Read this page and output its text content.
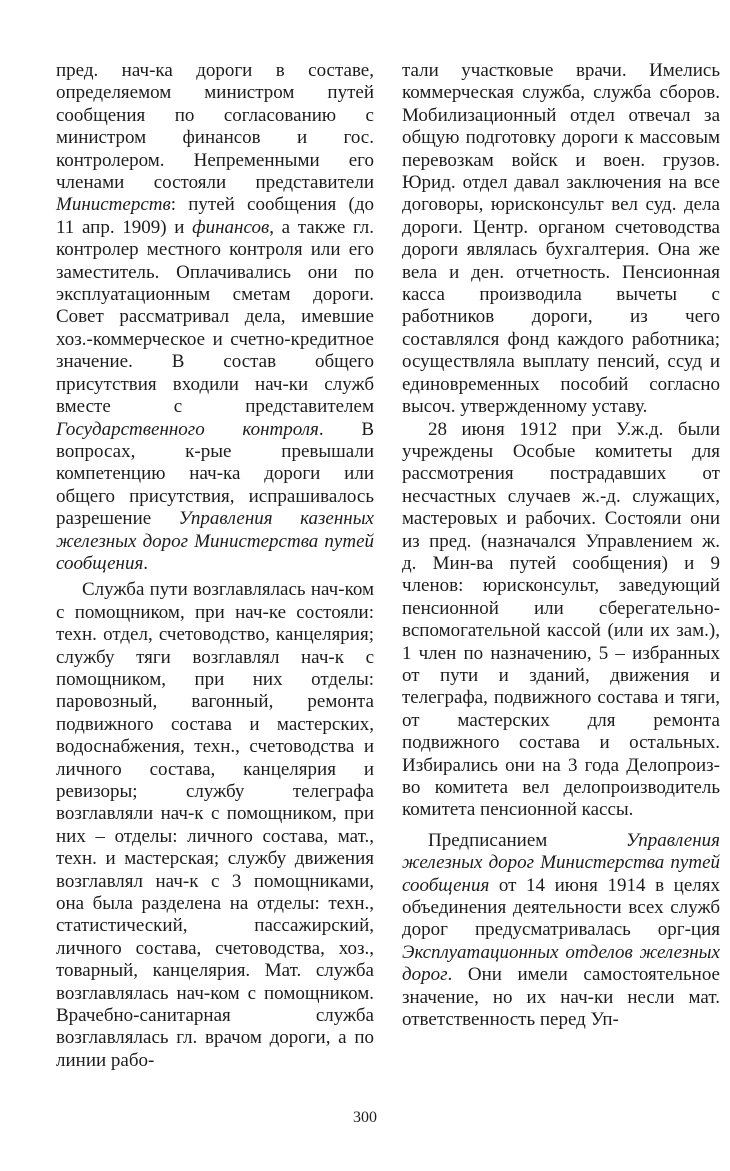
пред. нач-ка дороги в составе, определяемом министром путей сообщения по согласованию с министром финансов и гос. контролером. Непременными его членами состояли представители Министерств: путей сообщения (до 11 апр. 1909) и финансов, а также гл. контролер местного контроля или его заместитель. Оплачивались они по эксплуатационным сметам дороги. Совет рассматривал дела, имевшие хоз.-коммерческое и счетно-кредитное значение. В состав общего присутствия входили нач-ки служб вместе с представителем Государственного контроля. В вопросах, к-рые превышали компетенцию нач-ка дороги или общего присутствия, испрашивалось разрешение Управления казенных железных дорог Министерства путей сообщения.

Служба пути возглавлялась нач-ком с помощником, при нач-ке состояли: техн. отдел, счетоводство, канцелярия; службу тяги возглавлял нач-к с помощником, при них отделы: паровозный, вагонный, ремонта подвижного состава и мастерских, водоснабжения, техн., счетоводства и личного состава, канцелярия и ревизоры; службу телеграфа возглавляли нач-к с помощником, при них – отделы: личного состава, мат., техн. и мастерская; службу движения возглавлял нач-к с 3 помощниками, она была разделена на отделы: техн., статистический, пассажирский, личного состава, счетоводства, хоз., товарный, канцелярия. Мат. служба возглавлялась нач-ком с помощником. Врачебно-санитарная служба возглавлялась гл. врачом дороги, а по линии рабо-

тали участковые врачи. Имелись коммерческая служба, служба сборов. Мобилизационный отдел отвечал за общую подготовку дороги к массовым перевозкам войск и воен. грузов. Юрид. отдел давал заключения на все договоры, юрисконсульт вел суд. дела дороги. Центр. органом счетоводства дороги являлась бухгалтерия. Она же вела и ден. отчетность. Пенсионная касса производила вычеты с работников дороги, из чего составлялся фонд каждого работника; осуществляла выплату пенсий, ссуд и единовременных пособий согласно высоч. утвержденному уставу.

28 июня 1912 при У.ж.д. были учреждены Особые комитеты для рассмотрения пострадавших от несчастных случаев ж.-д. служащих, мастеровых и рабочих. Состояли они из пред. (назначался Управлением ж. д. Мин-ва путей сообщения) и 9 членов: юрисконсульт, заведующий пенсионной или сберегательно-вспомогательной кассой (или их зам.), 1 член по назначению, 5 – избранных от пути и зданий, движения и телеграфа, подвижного состава и тяги, от мастерских для ремонта подвижного состава и остальных. Избирались они на 3 года Делопроиз-во комитета вел делопроизводитель комитета пенсионной кассы.

Предписанием	Управления железных дорог Министерства путей сообщения от 14 июня 1914 в целях объединения деятельности всех служб дорог предусматривалась орг-ция Эксплуатационных отделов железных дорог. Они имели самостоятельное значение, но их нач-ки несли мат. ответственность перед Уп-

300
